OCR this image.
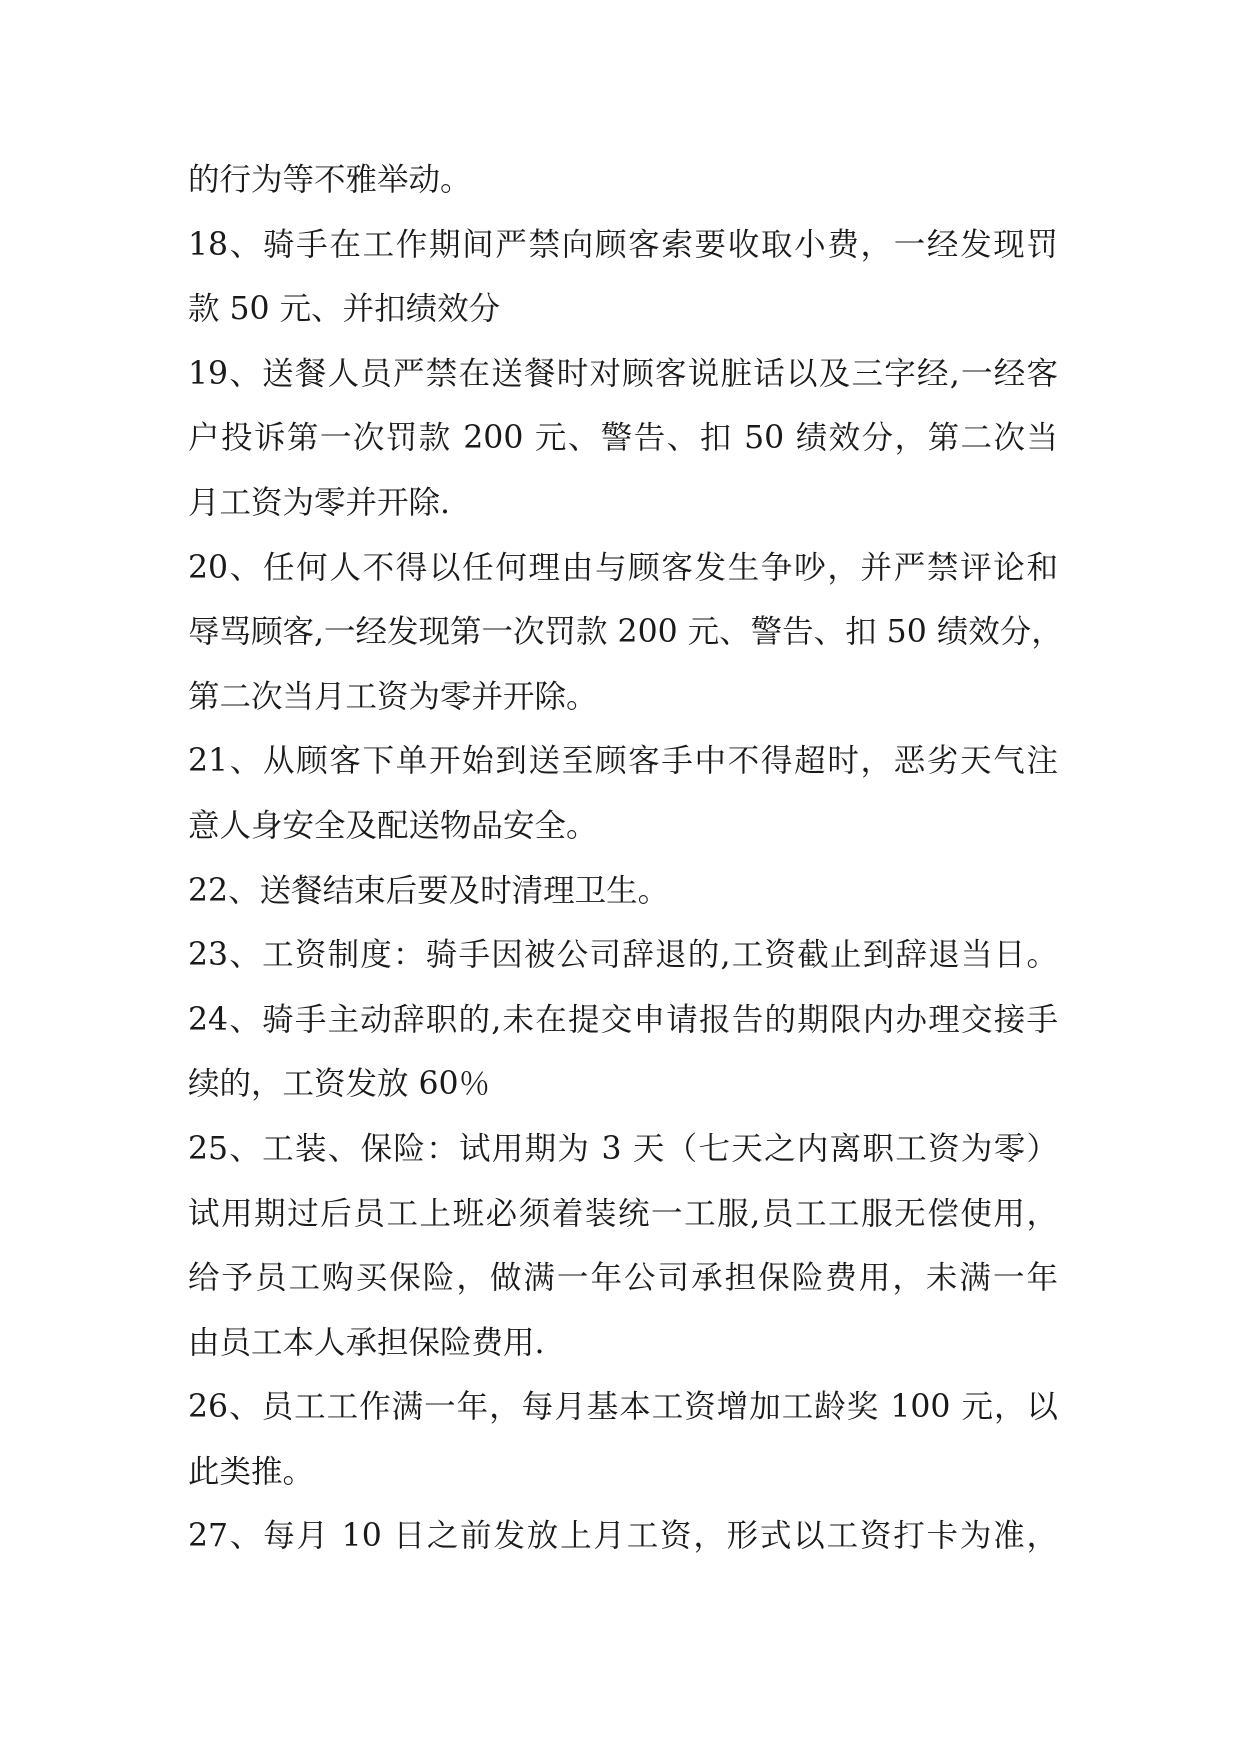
的行为等不雅举动。
18、骑手在工作期间严禁向顾客索要收取小费，一经发现罚
款 50 元、并扣绩效分
19、送餐人员严禁在送餐时对顾客说脏话以及三字经,一经客
户投诉第一次罚款 200 元、警告、扣 50 绩效分，第二次当
月工资为零并开除.
20、任何人不得以任何理由与顾客发生争吵，并严禁评论和
辱骂顾客,一经发现第一次罚款 200 元、警告、扣 50 绩效分，
第二次当月工资为零并开除。
21、从顾客下单开始到送至顾客手中不得超时，恶劣天气注
意人身安全及配送物品安全。
22、送餐结束后要及时清理卫生。
23、工资制度：骑手因被公司辞退的,工资截止到辞退当日。
24、骑手主动辞职的,未在提交申请报告的期限内办理交接手
续的，工资发放 60％
25、工装、保险：试用期为 3 天（七天之内离职工资为零）
试用期过后员工上班必须着装统一工服,员工工服无偿使用，
给予员工购买保险，做满一年公司承担保险费用，未满一年
由员工本人承担保险费用.
26、员工工作满一年，每月基本工资增加工龄奖 100 元，以
此类推。
27、每月 10 日之前发放上月工资，形式以工资打卡为准，
